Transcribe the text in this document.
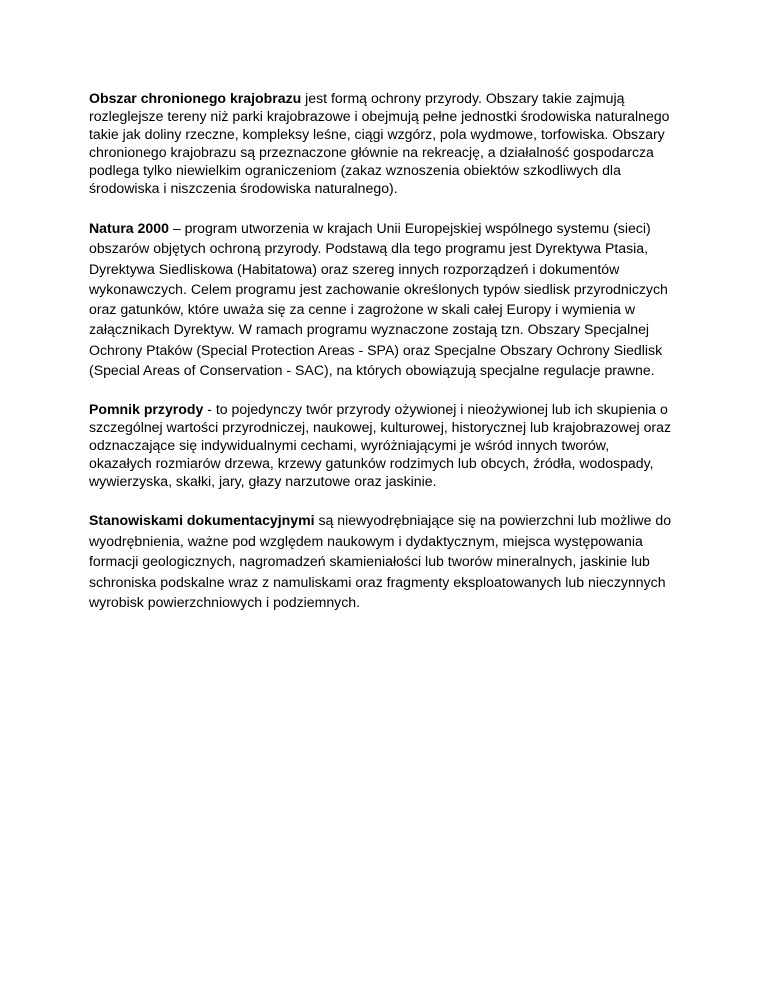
Obszar chronionego krajobrazu jest formą ochrony przyrody. Obszary takie zajmują rozleglejsze tereny niż parki krajobrazowe i obejmują pełne jednostki środowiska naturalnego takie jak doliny rzeczne, kompleksy leśne, ciągi wzgórz, pola wydmowe, torfowiska. Obszary chronionego krajobrazu są przeznaczone głównie na rekreację, a działalność gospodarcza podlega tylko niewielkim ograniczeniom (zakaz wznoszenia obiektów szkodliwych dla środowiska i niszczenia środowiska naturalnego).

Natura 2000 – program utworzenia w krajach Unii Europejskiej wspólnego systemu (sieci) obszarów objętych ochroną przyrody. Podstawą dla tego programu jest Dyrektywa Ptasia, Dyrektywa Siedliskowa (Habitatowa) oraz szereg innych rozporządzeń i dokumentów wykonawczych. Celem programu jest zachowanie określonych typów siedlisk przyrodniczych oraz gatunków, które uważa się za cenne i zagrożone w skali całej Europy i wymienia w załącznikach Dyrektyw. W ramach programu wyznaczone zostają tzn. Obszary Specjalnej Ochrony Ptaków (Special Protection Areas - SPA) oraz Specjalne Obszary Ochrony Siedlisk (Special Areas of Conservation - SAC), na których obowiązują specjalne regulacje prawne.

Pomnik przyrody - to pojedynczy twór przyrody ożywionej i nieożywionej lub ich skupienia o szczególnej wartości przyrodniczej, naukowej, kulturowej, historycznej lub krajobrazowej oraz odznaczające się indywidualnymi cechami, wyróżniającymi je wśród innych tworów, okazałych rozmiarów drzewa, krzewy gatunków rodzimych lub obcych, źródła, wodospady, wywierzyska, skałki, jary, głazy narzutowe oraz jaskinie.

Stanowiskami dokumentacyjnymi są niewyodrębniające się na powierzchni lub możliwe do wyodrębnienia, ważne pod względem naukowym i dydaktycznym, miejsca występowania formacji geologicznych, nagromadzeń skamieniałości lub tworów mineralnych, jaskinie lub schroniska podskalne wraz z namuliskami oraz fragmenty eksploatowanych lub nieczynnych wyrobisk powierzchniowych i podziemnych.
